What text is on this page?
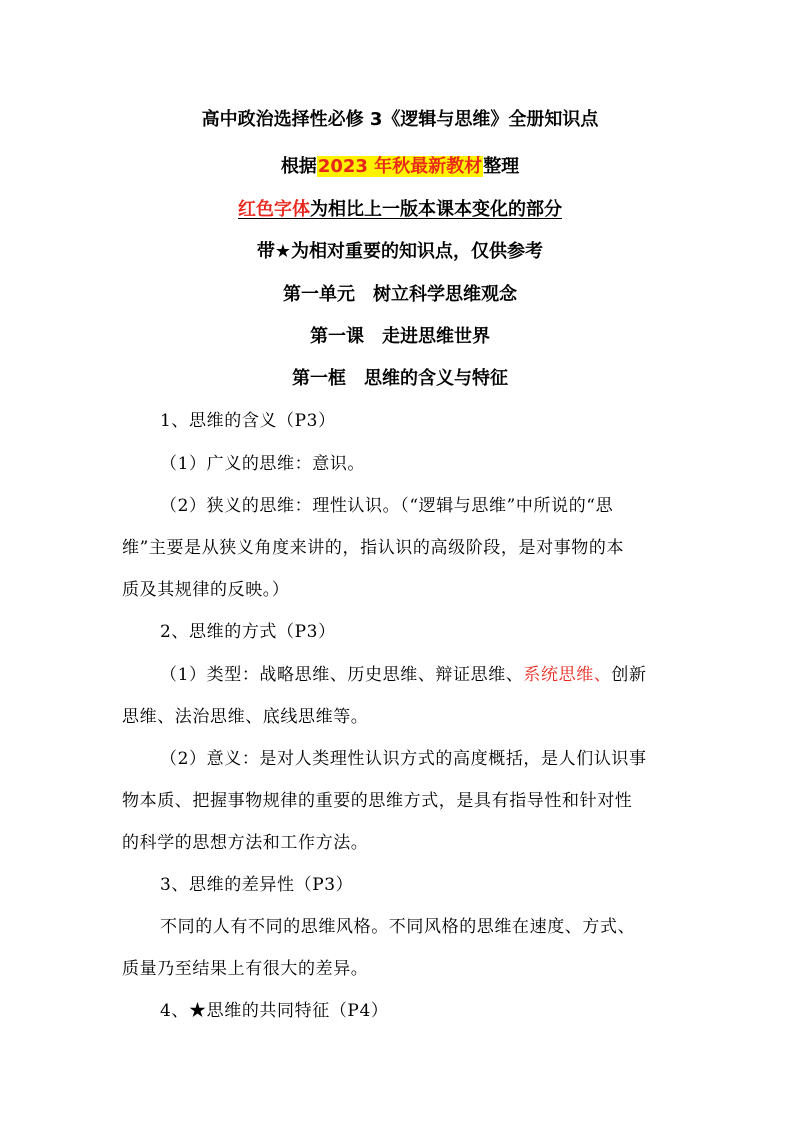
高中政治选择性必修 3《逻辑与思维》全册知识点
根据2023 年秋最新教材整理
红色字体为相比上一版本课本变化的部分
带★为相对重要的知识点，仅供参考
第一单元　树立科学思维观念
第一课　走进思维世界
第一框　思维的含义与特征
1、思维的含义（P3）
（1）广义的思维：意识。
（2）狭义的思维：理性认识。（“逻辑与思维”中所说的“思
维”主要是从狭义角度来讲的，指认识的高级阶段，是对事物的本
质及其规律的反映。）
2、思维的方式（P3）
（1）类型：战略思维、历史思维、辩证思维、系统思维、创新
思维、法治思维、底线思维等。
（2）意义：是对人类理性认识方式的高度概括，是人们认识事
物本质、把握事物规律的重要的思维方式，是具有指导性和针对性
的科学的思想方法和工作方法。
3、思维的差异性（P3）
不同的人有不同的思维风格。不同风格的思维在速度、方式、
质量乃至结果上有很大的差异。
4、★思维的共同特征（P4）
